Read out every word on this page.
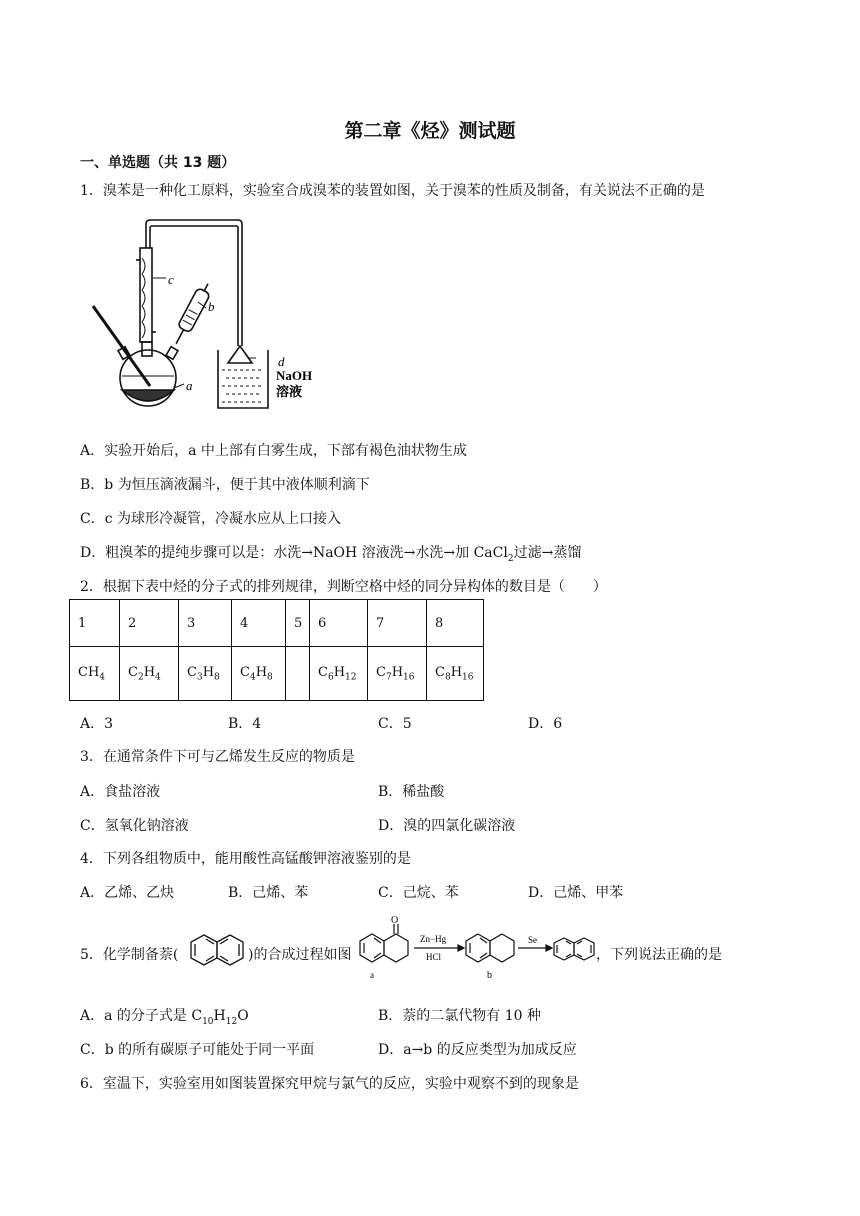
第二章《烃》测试题
一、单选题（共 13 题）
1．溴苯是一种化工原料，实验室合成溴苯的装置如图，关于溴苯的性质及制备，有关说法不正确的是
c
b
a
d
NaOH
溶液
A．实验开始后，a 中上部有白雾生成，下部有褐色油状物生成
B．b 为恒压滴液漏斗，便于其中液体顺利滴下
C．c 为球形冷凝管，冷凝水应从上口接入
D．粗溴苯的提纯步骤可以是：水洗→NaOH 溶液洗→水洗→加 CaCl$_2$过滤→蒸馏
2．根据下表中烃的分子式的排列规律，判断空格中烃的同分异构体的数目是（　　）
1	2	3	4	5	6	7	8
$CH_4$	$C_2H_4$	$C_3H_8$	$C_4H_8$		$C_6H_{12}$	$C_7H_{16}$	$C_8H_{16}$
A．3	B．4	C．5	D．6
3．在通常条件下可与乙烯发生反应的物质是
A．食盐溶液	B．稀盐酸
C．氢氧化钠溶液	D．溴的四氯化碳溶液
4．下列各组物质中，能用酸性高锰酸钾溶液鉴别的是
A．乙烯、乙炔	B．己烯、苯	C．己烷、苯	D．己烯、甲苯
5．化学制备萘(	)的合成过程如图
O
Zn−Hg
HCl
Se
a	b
，下列说法正确的是
A．a 的分子式是 $C_{10}H_{12}O$	B．萘的二氯代物有 10 种
C．b 的所有碳原子可能处于同一平面	D．a→b 的反应类型为加成反应
6．室温下，实验室用如图装置探究甲烷与氯气的反应，实验中观察不到的现象是
